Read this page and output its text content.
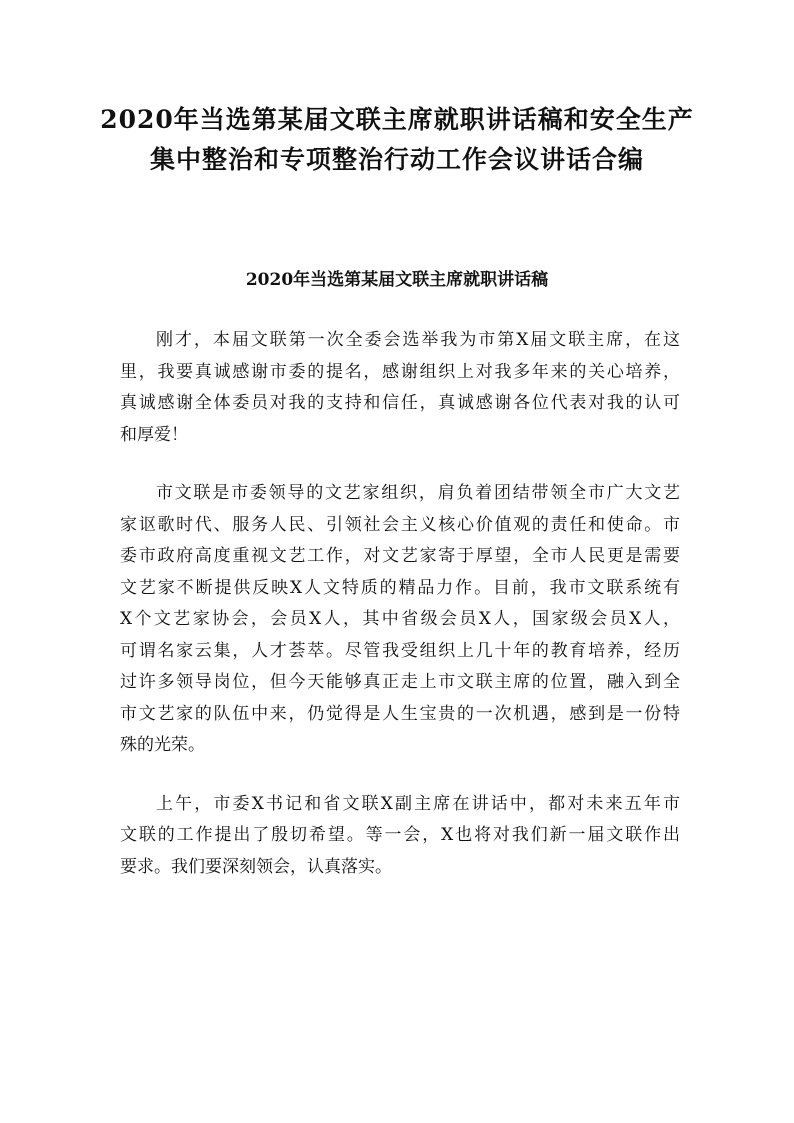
2020年当选第某届文联主席就职讲话稿和安全生产
集中整治和专项整治行动工作会议讲话合编
2020年当选第某届文联主席就职讲话稿
刚才，本届文联第一次全委会选举我为市第X届文联主席，在这
里，我要真诚感谢市委的提名，感谢组织上对我多年来的关心培养，
真诚感谢全体委员对我的支持和信任，真诚感谢各位代表对我的认可
和厚爱！
市文联是市委领导的文艺家组织，肩负着团结带领全市广大文艺
家讴歌时代、服务人民、引领社会主义核心价值观的责任和使命。市
委市政府高度重视文艺工作，对文艺家寄于厚望，全市人民更是需要
文艺家不断提供反映X人文特质的精品力作。目前，我市文联系统有
X个文艺家协会，会员X人，其中省级会员X人，国家级会员X人，
可谓名家云集，人才荟萃。尽管我受组织上几十年的教育培养，经历
过许多领导岗位，但今天能够真正走上市文联主席的位置，融入到全
市文艺家的队伍中来，仍觉得是人生宝贵的一次机遇，感到是一份特
殊的光荣。
上午，市委X书记和省文联X副主席在讲话中，都对未来五年市
文联的工作提出了殷切希望。等一会，X也将对我们新一届文联作出
要求。我们要深刻领会，认真落实。
